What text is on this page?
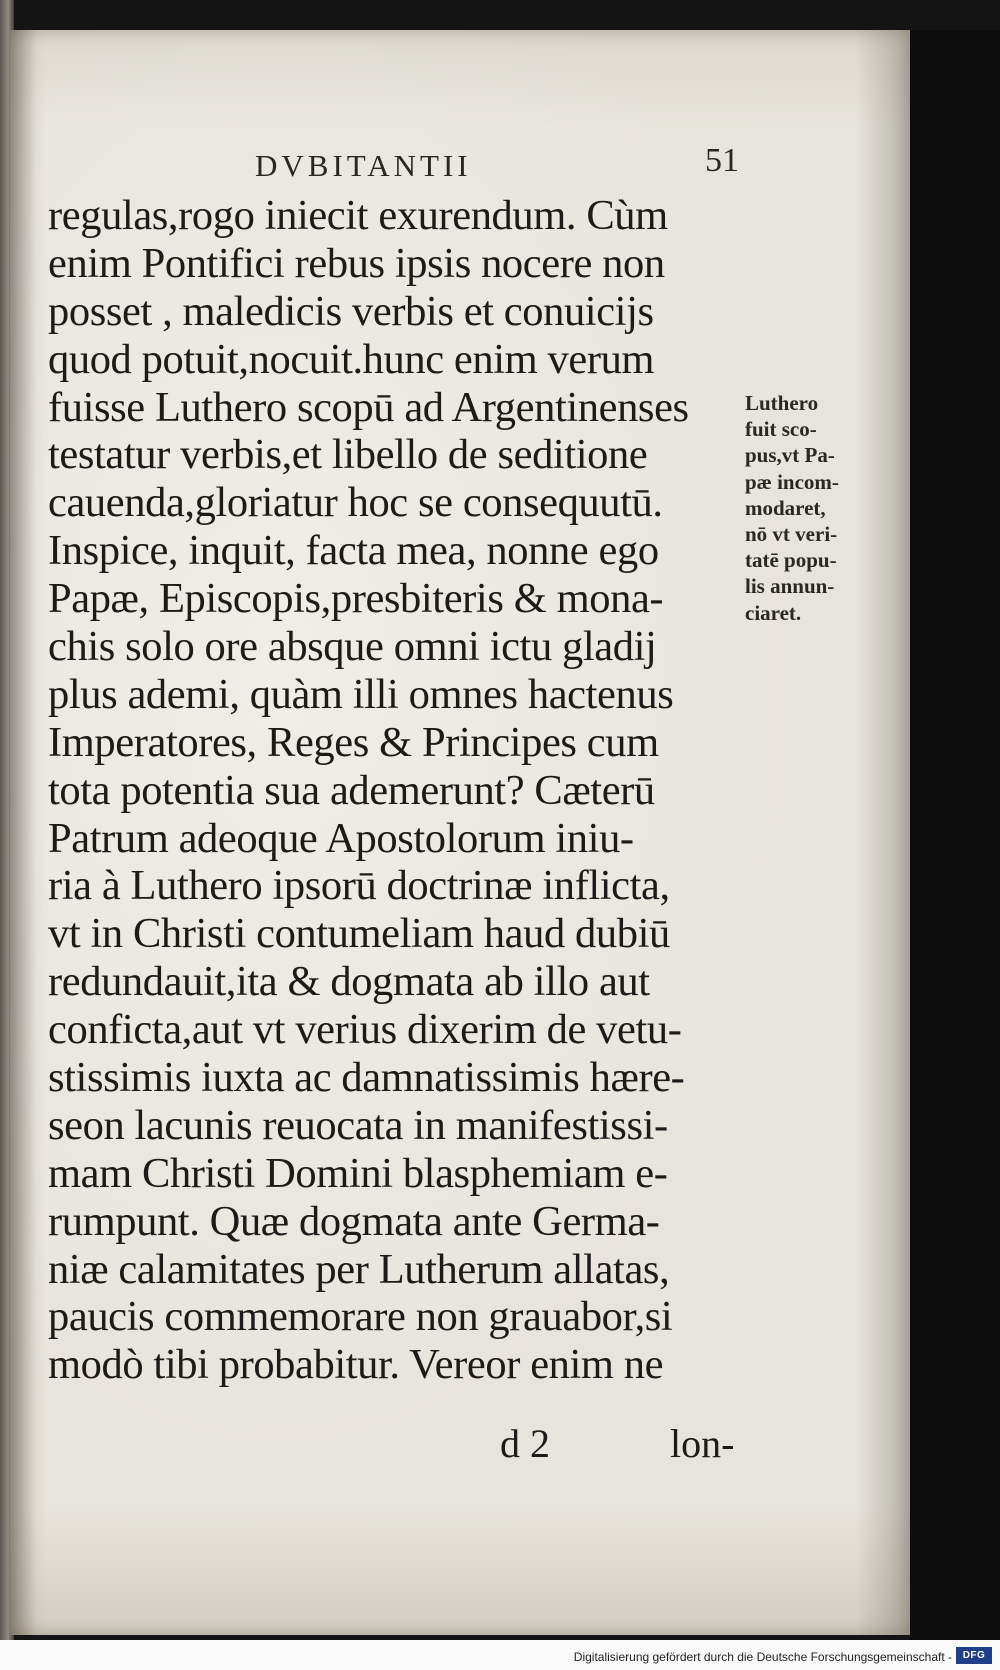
DVBITANTII	51
regulas,rogo iniecit exurendum. Cùm
enim Pontifici rebus ipsis nocere non
posset , maledicis verbis et conuicijs
quod potuit,nocuit.hunc enim verum
fuisse Luthero scopū ad Argentinenses
testatur verbis,et libello de seditione
cauenda,gloriatur hoc se consequutū.
Inspice, inquit, facta mea, nonne ego
Papæ, Episcopis,presbiteris & mona-
chis solo ore absque omni ictu gladij
plus ademi, quàm illi omnes hactenus
Imperatores, Reges & Principes cum
tota potentia sua ademerunt? Cæterū
Patrum adeoque Apostolorum iniu-
ria à Luthero ipsorū doctrinæ inflicta,
vt in Christi contumeliam haud dubiū
redundauit,ita & dogmata ab illo aut
conficta,aut vt verius dixerim de vetu-
stissimis iuxta ac damnatissimis hære-
seon lacunis reuocata in manifestissi-
mam Christi Domini blasphemiam e-
rumpunt. Quæ dogmata ante Germa-
niæ calamitates per Lutherum allatas,
paucis commemorare non grauabor,si
modò tibi probabitur. Vereor enim ne
Luthero
fuit sco-
pus,vt Pa-
pæ incom-
modaret,
nō vt veri-
tatē popu-
lis annun-
ciaret.
d 2	lon-
Digitalisierung gefördert durch die Deutsche Forschungsgemeinschaft -	DFG
